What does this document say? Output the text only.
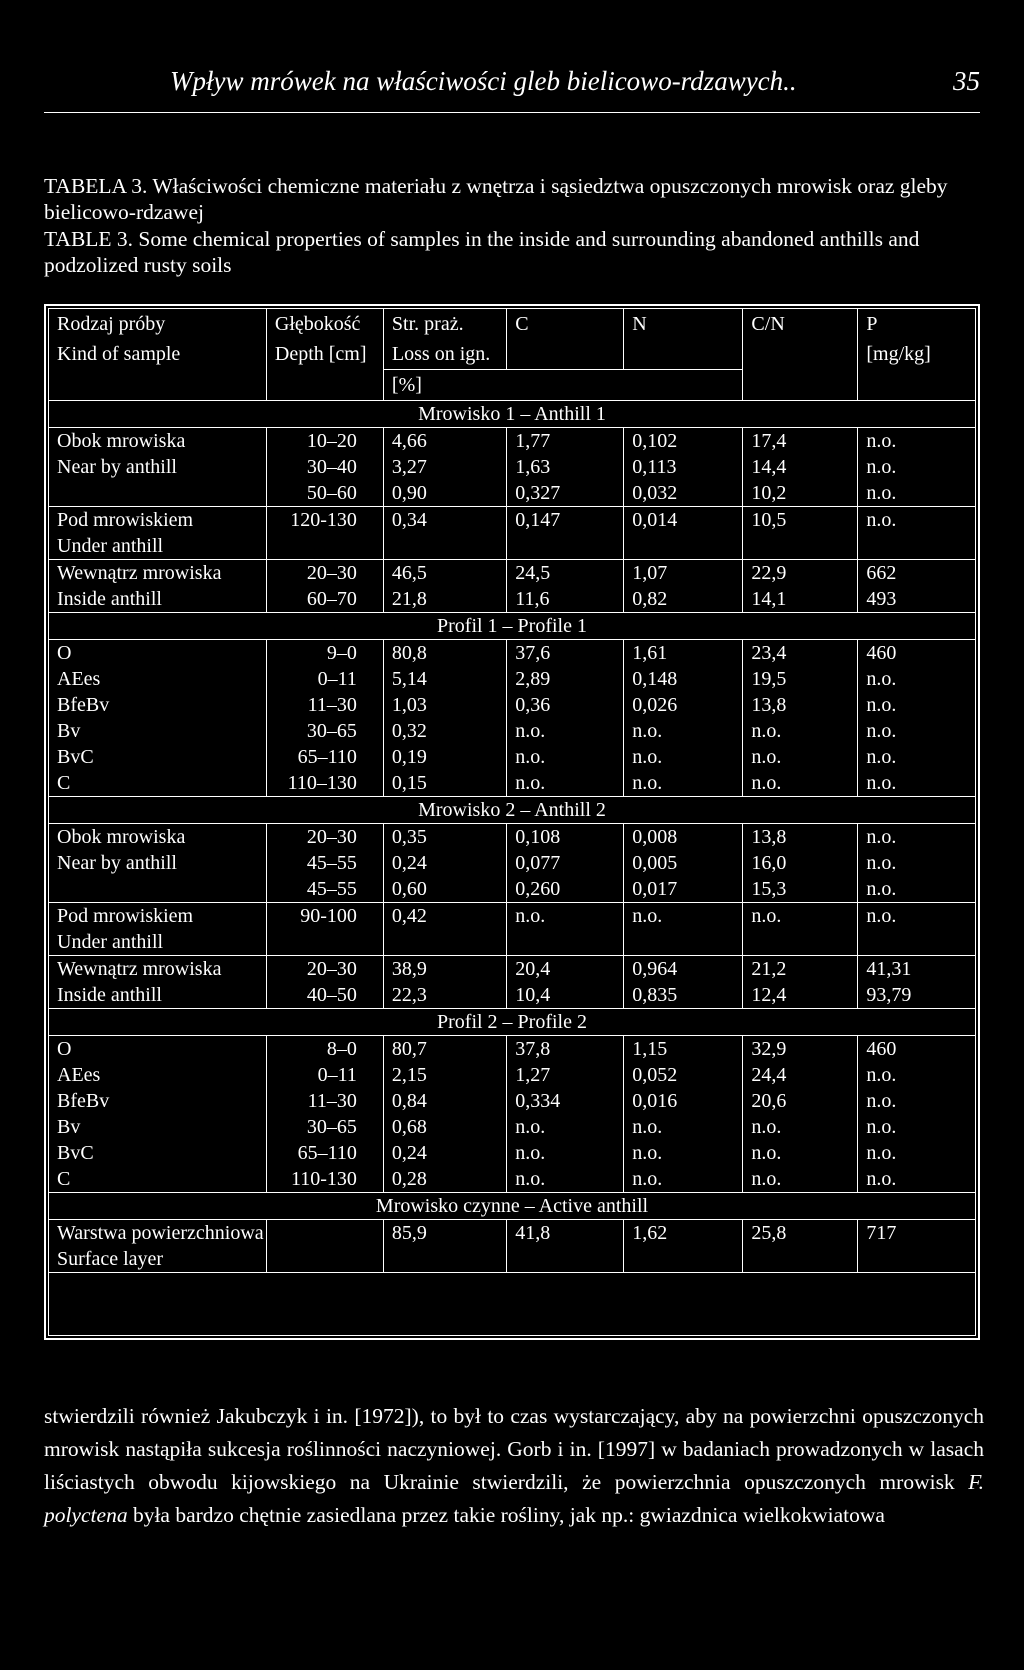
Wpływ mrówek na właściwości gleb bielicowo-rdzawych..	35
TABELA 3. Właściwości chemiczne materiału z wnętrza i sąsiedztwa opuszczonych mrowisk oraz gleby bielicowo-rdzawej
TABLE 3. Some chemical properties of samples in the inside and surrounding abandoned anthills and podzolized rusty soils
Rodzaj próby	Głębokość	Str. praż.	C	N	C/N	P
Kind of sample	Depth [cm]	Loss on ign.				[mg/kg]
		[%]				
Mrowisko 1 – Anthill 1						
Obok mrowiska	10–20	4,66	1,77	0,102	17,4	n.o.
Near by anthill	30–40	3,27	1,63	0,113	14,4	n.o.
	50–60	0,90	0,327	0,032	10,2	n.o.
Pod mrowiskiem	120-130	0,34	0,147	0,014	10,5	n.o.
Under anthill						
Wewnątrz mrowiska	20–30	46,5	24,5	1,07	22,9	662
Inside anthill	60–70	21,8	11,6	0,82	14,1	493
Profil 1 – Profile 1						
O	9–0	80,8	37,6	1,61	23,4	460
AEes	0–11	5,14	2,89	0,148	19,5	n.o.
BfeBv	11–30	1,03	0,36	0,026	13,8	n.o.
Bv	30–65	0,32	n.o.	n.o.	n.o.	n.o.
BvC	65–110	0,19	n.o.	n.o.	n.o.	n.o.
C	110–130	0,15	n.o.	n.o.	n.o.	n.o.
Mrowisko 2 – Anthill 2						
Obok mrowiska	20–30	0,35	0,108	0,008	13,8	n.o.
Near by anthill	45–55	0,24	0,077	0,005	16,0	n.o.
	45–55	0,60	0,260	0,017	15,3	n.o.
Pod mrowiskiem	90-100	0,42	n.o.	n.o.	n.o.	n.o.
Under anthill						
Wewnątrz mrowiska	20–30	38,9	20,4	0,964	21,2	41,31
Inside anthill	40–50	22,3	10,4	0,835	12,4	93,79
Profil 2 – Profile 2						
O	8–0	80,7	37,8	1,15	32,9	460
AEes	0–11	2,15	1,27	0,052	24,4	n.o.
BfeBv	11–30	0,84	0,334	0,016	20,6	n.o.
Bv	30–65	0,68	n.o.	n.o.	n.o.	n.o.
BvC	65–110	0,24	n.o.	n.o.	n.o.	n.o.
C	110-130	0,28	n.o.	n.o.	n.o.	n.o.
Mrowisko czynne – Active anthill						
Warstwa powierzchniowa		85,9	41,8	1,62	25,8	717
Surface layer						

stwierdzili również Jakubczyk i in. [1972]), to był to czas wystarczający, aby na powierzchni opuszczonych mrowisk nastąpiła sukcesja roślinności naczyniowej. Gorb i in. [1997] w badaniach prowadzonych w lasach liściastych obwodu kijowskiego na Ukrainie stwierdzili, że powierzchnia opuszczonych mrowisk F. polyctena była bardzo chętnie zasiedlana przez takie rośliny, jak np.: gwiazdnica wielkokwiatowa
